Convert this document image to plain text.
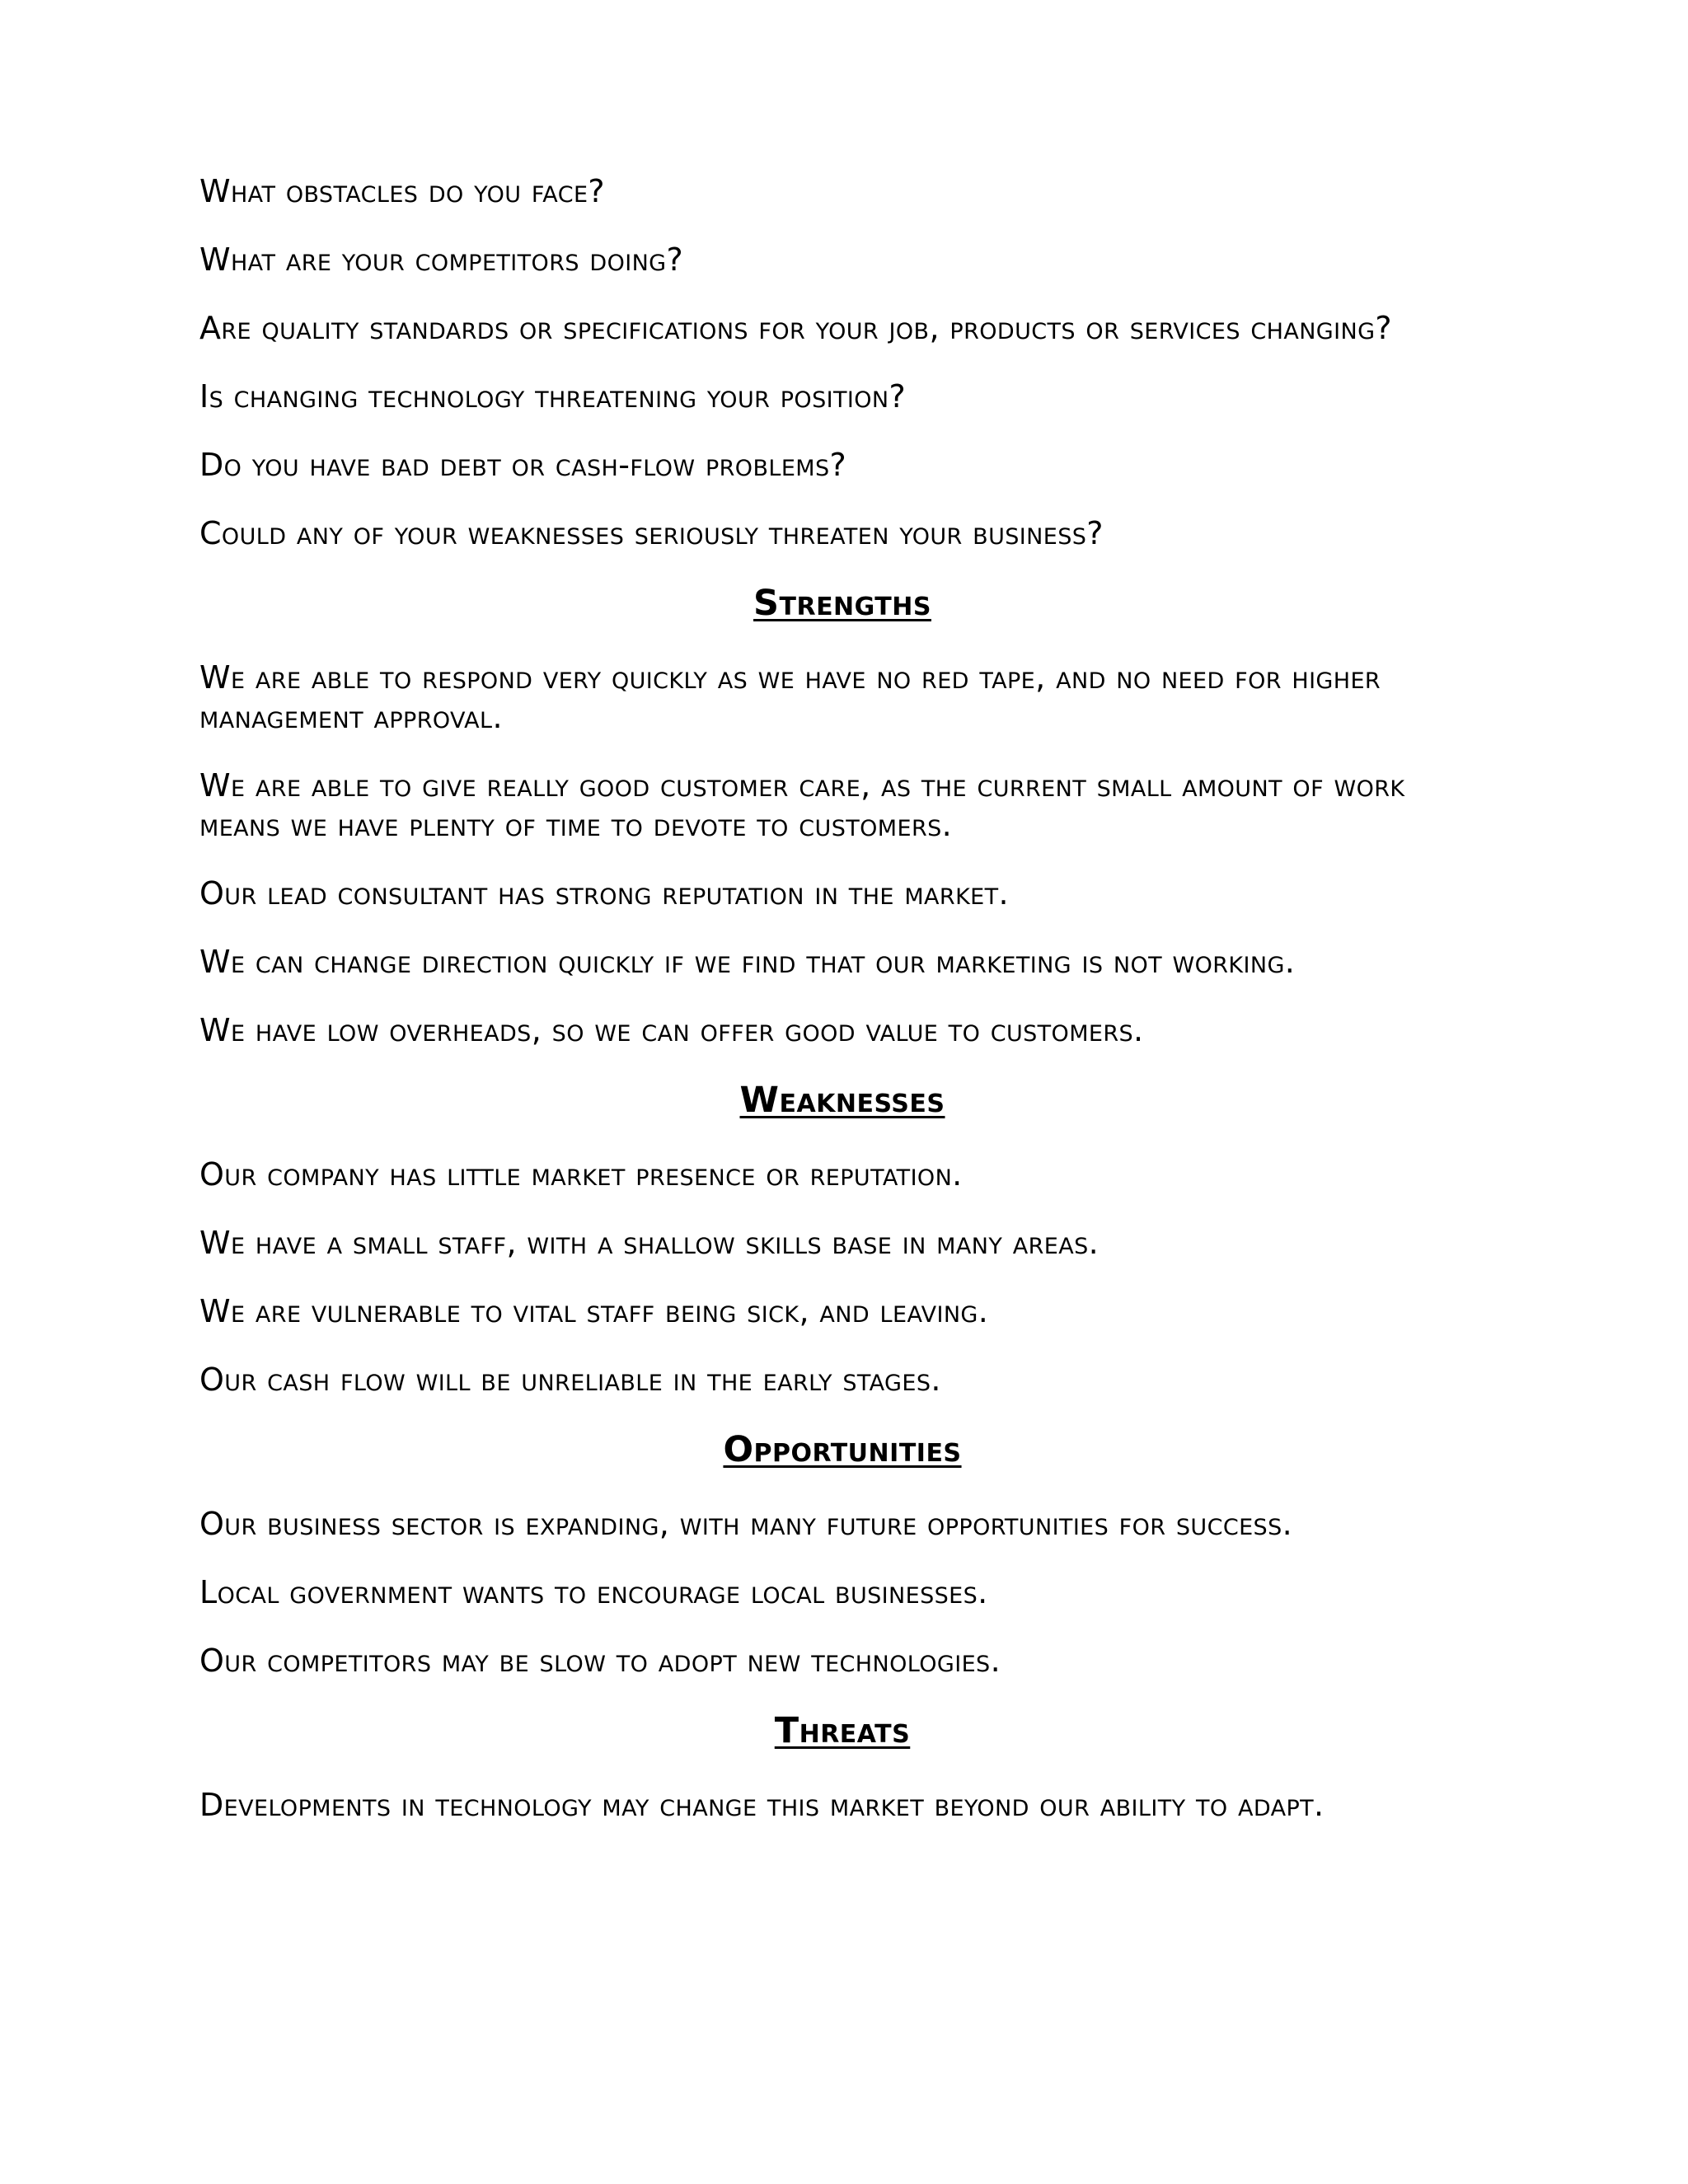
What obstacles do you face?

What are your competitors doing?

Are quality standards or specifications for your job, products or services changing?

Is changing technology threatening your position?

Do you have bad debt or cash-flow problems?

Could any of your weaknesses seriously threaten your business?

Strengths

We are able to respond very quickly as we have no red tape, and no need for higher management approval.

We are able to give really good customer care, as the current small amount of work means we have plenty of time to devote to customers.

Our lead consultant has strong reputation in the market.

We can change direction quickly if we find that our marketing is not working.

We have low overheads, so we can offer good value to customers.

Weaknesses

Our company has little market presence or reputation.

We have a small staff, with a shallow skills base in many areas.

We are vulnerable to vital staff being sick, and leaving.

Our cash flow will be unreliable in the early stages.

Opportunities

Our business sector is expanding, with many future opportunities for success.

Local government wants to encourage local businesses.

Our competitors may be slow to adopt new technologies.

Threats

Developments in technology may change this market beyond our ability to adapt.
